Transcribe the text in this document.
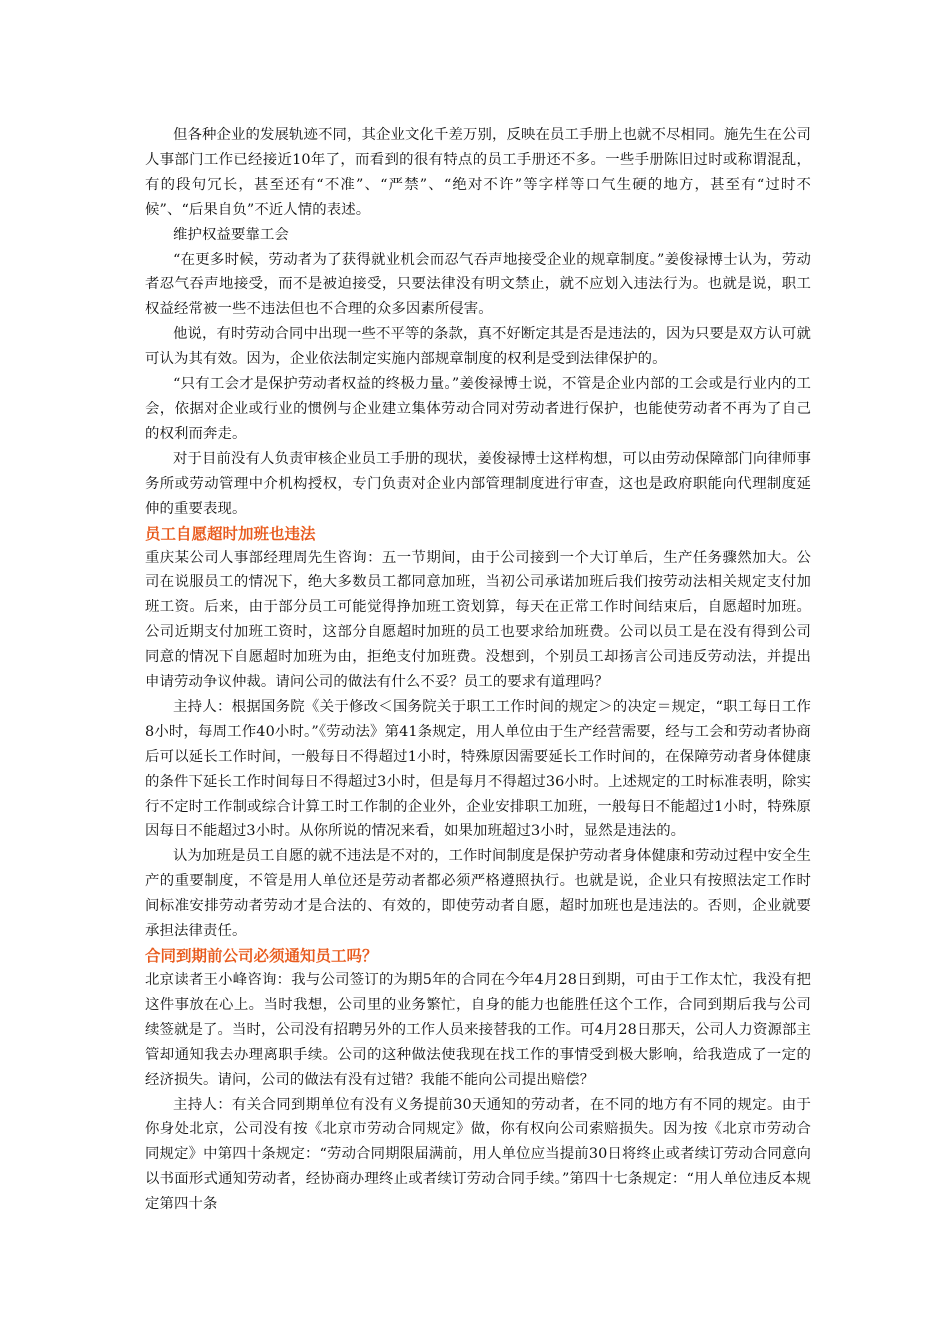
但各种企业的发展轨迹不同，其企业文化千差万别，反映在员工手册上也就不尽相同。施先生在公司人事部门工作已经接近10年了，而看到的很有特点的员工手册还不多。一些手册陈旧过时或称谓混乱，有的段句冗长，甚至还有“不准”、“严禁”、“绝对不许”等字样等口气生硬的地方，甚至有“过时不候”、“后果自负”不近人情的表述。

维护权益要靠工会

“在更多时候，劳动者为了获得就业机会而忍气吞声地接受企业的规章制度。”姜俊禄博士认为，劳动者忍气吞声地接受，而不是被迫接受，只要法律没有明文禁止，就不应划入违法行为。也就是说，职工权益经常被一些不违法但也不合理的众多因素所侵害。

他说，有时劳动合同中出现一些不平等的条款，真不好断定其是否是违法的，因为只要是双方认可就可认为其有效。因为，企业依法制定实施内部规章制度的权利是受到法律保护的。

“只有工会才是保护劳动者权益的终极力量。”姜俊禄博士说，不管是企业内部的工会或是行业内的工会，依据对企业或行业的惯例与企业建立集体劳动合同对劳动者进行保护，也能使劳动者不再为了自己的权利而奔走。

对于目前没有人负责审核企业员工手册的现状，姜俊禄博士这样构想，可以由劳动保障部门向律师事务所或劳动管理中介机构授权，专门负责对企业内部管理制度进行审查，这也是政府职能向代理制度延伸的重要表现。

员工自愿超时加班也违法

重庆某公司人事部经理周先生咨询：五一节期间，由于公司接到一个大订单后，生产任务骤然加大。公司在说服员工的情况下，绝大多数员工都同意加班，当初公司承诺加班后我们按劳动法相关规定支付加班工资。后来，由于部分员工可能觉得挣加班工资划算，每天在正常工作时间结束后，自愿超时加班。公司近期支付加班工资时，这部分自愿超时加班的员工也要求给加班费。公司以员工是在没有得到公司同意的情况下自愿超时加班为由，拒绝支付加班费。没想到，个别员工却扬言公司违反劳动法，并提出申请劳动争议仲裁。请问公司的做法有什么不妥？员工的要求有道理吗？

主持人：根据国务院《关于修改＜国务院关于职工工作时间的规定＞的决定＝规定，“职工每日工作8小时，每周工作40小时。”《劳动法》第41条规定，用人单位由于生产经营需要，经与工会和劳动者协商后可以延长工作时间，一般每日不得超过1小时，特殊原因需要延长工作时间的，在保障劳动者身体健康的条件下延长工作时间每日不得超过3小时，但是每月不得超过36小时。上述规定的工时标准表明，除实行不定时工作制或综合计算工时工作制的企业外，企业安排职工加班，一般每日不能超过1小时，特殊原因每日不能超过3小时。从你所说的情况来看，如果加班超过3小时，显然是违法的。

认为加班是员工自愿的就不违法是不对的，工作时间制度是保护劳动者身体健康和劳动过程中安全生产的重要制度，不管是用人单位还是劳动者都必须严格遵照执行。也就是说，企业只有按照法定工作时间标准安排劳动者劳动才是合法的、有效的，即使劳动者自愿，超时加班也是违法的。否则，企业就要承担法律责任。

合同到期前公司必须通知员工吗？

北京读者王小峰咨询：我与公司签订的为期5年的合同在今年4月28日到期，可由于工作太忙，我没有把这件事放在心上。当时我想，公司里的业务繁忙，自身的能力也能胜任这个工作，合同到期后我与公司续签就是了。当时，公司没有招聘另外的工作人员来接替我的工作。可4月28日那天，公司人力资源部主管却通知我去办理离职手续。公司的这种做法使我现在找工作的事情受到极大影响，给我造成了一定的经济损失。请问，公司的做法有没有过错？我能不能向公司提出赔偿？

主持人：有关合同到期单位有没有义务提前30天通知的劳动者，在不同的地方有不同的规定。由于你身处北京，公司没有按《北京市劳动合同规定》做，你有权向公司索赔损失。因为按《北京市劳动合同规定》中第四十条规定：“劳动合同期限届满前，用人单位应当提前30日将终止或者续订劳动合同意向以书面形式通知劳动者，经协商办理终止或者续订劳动合同手续。”第四十七条规定：“用人单位违反本规定第四十条
